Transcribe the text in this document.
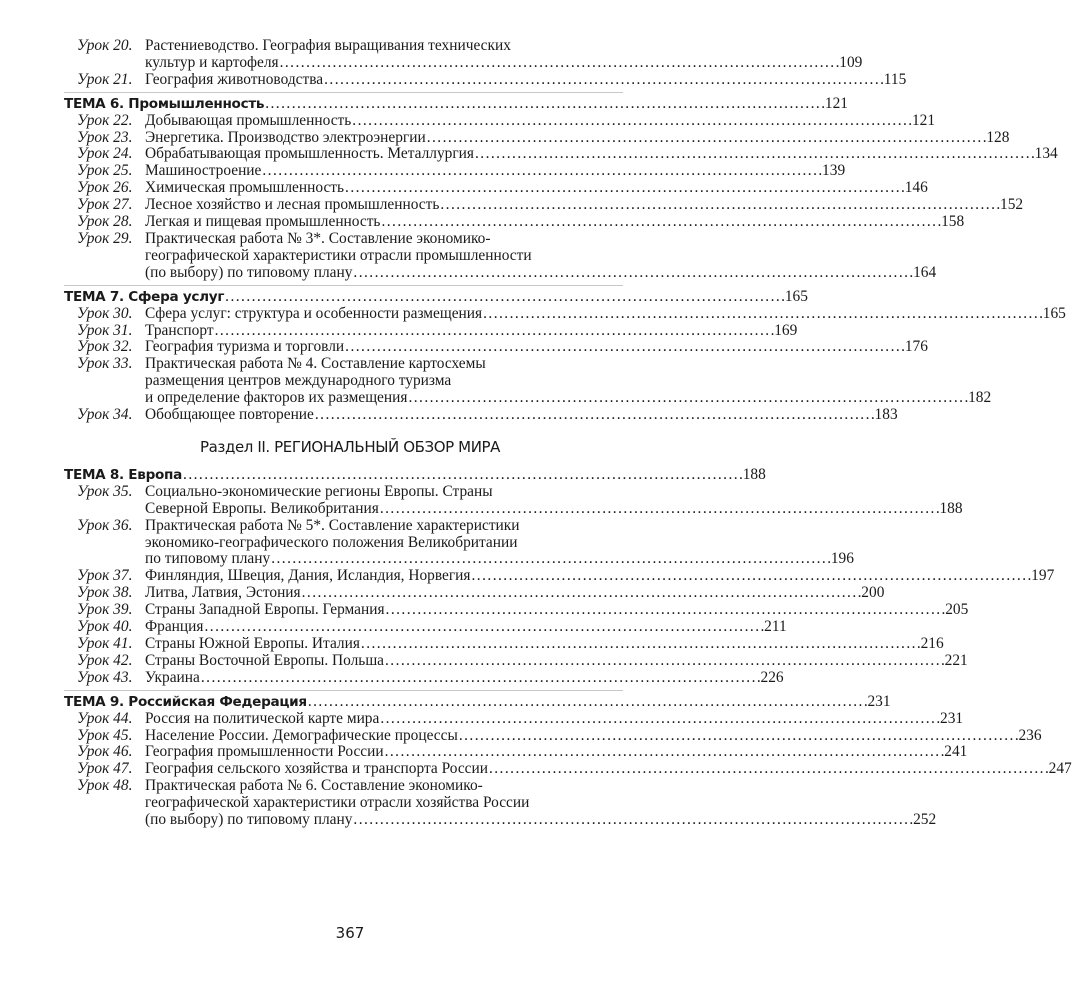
Урок 20. Растениеводство. География выращивания технических
культур и картофеля . . .	109
Урок 21. География животноводства . . .	115
ТЕМА 6. Промышленность . . .	121
Урок 22. Добывающая промышленность . . .	121
Урок 23. Энергетика. Производство электроэнергии . . .	128
Урок 24. Обрабатывающая промышленность. Металлургия . . .	134
Урок 25. Машиностроение . . .	139
Урок 26. Химическая промышленность . . .	146
Урок 27. Лесное хозяйство и лесная промышленность . . .	152
Урок 28. Легкая и пищевая промышленность . . .	158
Урок 29. Практическая работа № 3*. Составление экономико-
географической характеристики отрасли промышленности
(по выбору) по типовому плану . . .	164
ТЕМА 7. Сфера услуг . . .	165
Урок 30. Сфера услуг: структура и особенности размещения . . .	165
Урок 31. Транспорт . . .	169
Урок 32. География туризма и торговли . . .	176
Урок 33. Практическая работа № 4. Составление картосхемы
размещения центров международного туризма
и определение факторов их размещения . . .	182
Урок 34. Обобщающее повторение . . .	183
Раздел II. РЕГИОНАЛЬНЫЙ ОБЗОР МИРА
ТЕМА 8. Европа . . .	188
Урок 35. Социально-экономические регионы Европы. Страны
Северной Европы. Великобритания . . .	188
Урок 36. Практическая работа № 5*. Составление характеристики
экономико-географического положения Великобритании
по типовому плану . . .	196
Урок 37. Финляндия, Швеция, Дания, Исландия, Норвегия . . .	197
Урок 38. Литва, Латвия, Эстония . . .	200
Урок 39. Страны Западной Европы. Германия . . .	205
Урок 40. Франция . . .	211
Урок 41. Страны Южной Европы. Италия . . .	216
Урок 42. Страны Восточной Европы. Польша . . .	221
Урок 43. Украина . . .	226
ТЕМА 9. Российская Федерация . . .	231
Урок 44. Россия на политической карте мира . . .	231
Урок 45. Население России. Демографические процессы . . .	236
Урок 46. География промышленности России . . .	241
Урок 47. География сельского хозяйства и транспорта России . . .	247
Урок 48. Практическая работа № 6. Составление экономико-
географической характеристики отрасли хозяйства России
(по выбору) по типовому плану . . .	252
367
